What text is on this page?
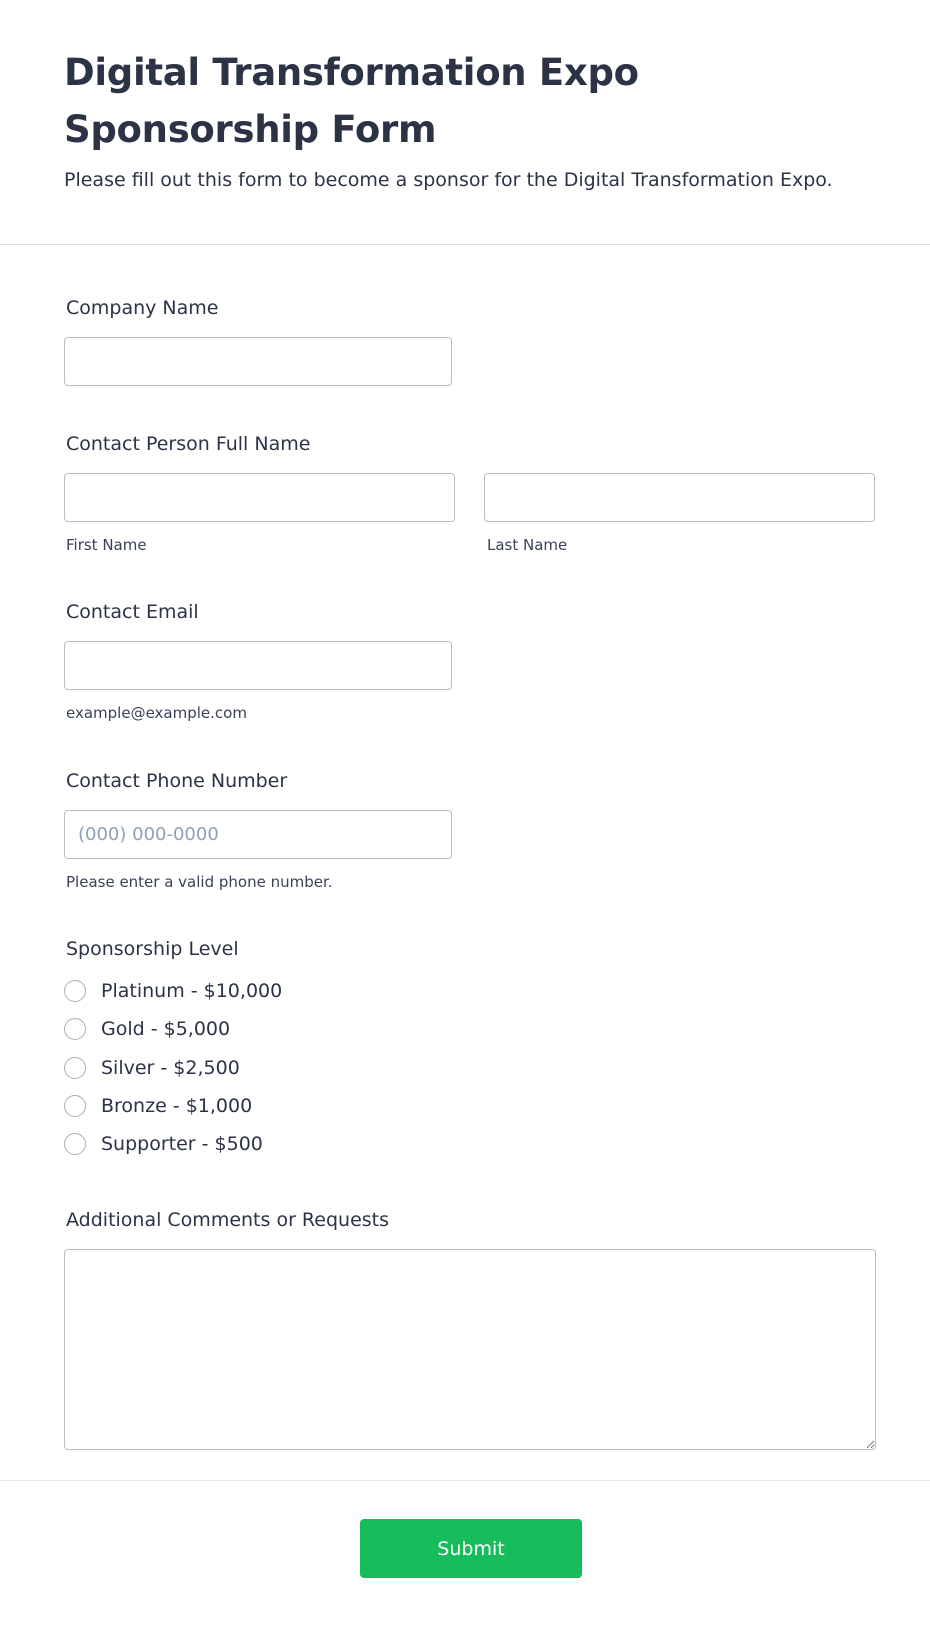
Digital Transformation Expo Sponsorship Form

Please fill out this form to become a sponsor for the Digital Transformation Expo.

Company Name
Contact Person Full Name
First Name	Last Name
Contact Email
example@example.com
Contact Phone Number
(000) 000-0000
Please enter a valid phone number.
Sponsorship Level
Platinum - $10,000
Gold - $5,000
Silver - $2,500
Bronze - $1,000
Supporter - $500
Additional Comments or Requests
Submit
